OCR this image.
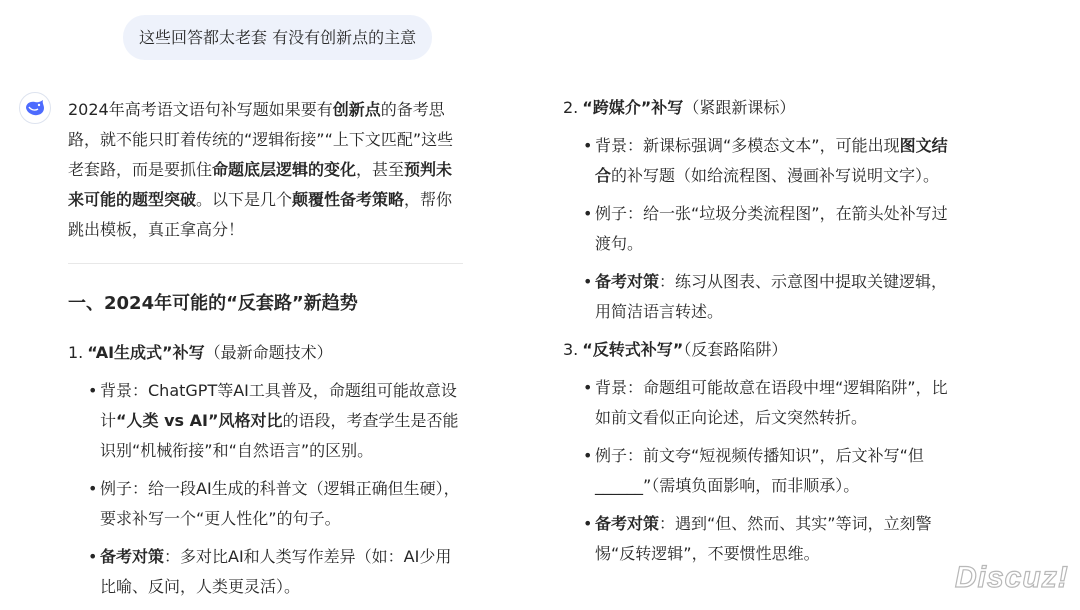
这些回答都太老套 有没有创新点的主意

2024年高考语文语句补写题如果要有创新点的备考思路，就不能只盯着传统的“逻辑衔接”“上下文匹配”这些老套路，而是要抓住命题底层逻辑的变化，甚至预判未来可能的题型突破。以下是几个颠覆性备考策略，帮你跳出模板，真正拿高分！

一、2024年可能的“反套路”新趋势
1. “AI生成式”补写（最新命题技术）
• 背景：ChatGPT等AI工具普及，命题组可能故意设计“人类 vs AI”风格对比的语段，考查学生是否能识别“机械衔接”和“自然语言”的区别。
• 例子：给一段AI生成的科普文（逻辑正确但生硬），要求补写一个“更人性化”的句子。
• 备考对策：多对比AI和人类写作差异（如：AI少用比喻、反问，人类更灵活）。
2. “跨媒介”补写（紧跟新课标）
• 背景：新课标强调“多模态文本”，可能出现图文结合的补写题（如给流程图、漫画补写说明文字）。
• 例子：给一张“垃圾分类流程图”，在箭头处补写过渡句。
• 备考对策：练习从图表、示意图中提取关键逻辑，用简洁语言转述。
3. “反转式补写”（反套路陷阱）
• 背景：命题组可能故意在语段中埋“逻辑陷阱”，比如前文看似正向论述，后文突然转折。
• 例子：前文夸“短视频传播知识”，后文补写“但______”（需填负面影响，而非顺承）。
• 备考对策：遇到“但、然而、其实”等词，立刻警惕“反转逻辑”，不要惯性思维。
Discuz!
